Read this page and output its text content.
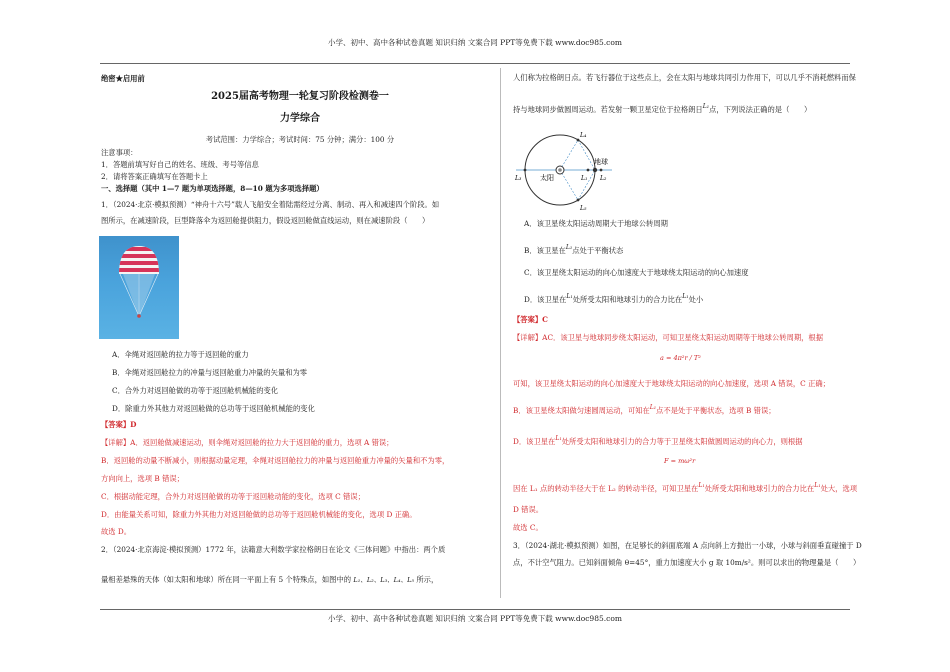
小学、初中、高中各种试卷真题 知识归纳 文案合同 PPT等免费下载 www.doc985.com
小学、初中、高中各种试卷真题 知识归纳 文案合同 PPT等免费下载 www.doc985.com
绝密★启用前
2025届高考物理一轮复习阶段检测卷一
力学综合
考试范围：力学综合；考试时间：75 分钟；满分：100 分
注意事项：
1．答题前填写好自己的姓名、班级、考号等信息
2．请将答案正确填写在答题卡上
一、选择题（其中 1—7 题为单项选择题，8—10 题为多项选择题）
1．（2024·北京·模拟预测）“神舟十六号”载人飞船安全着陆需经过分离、制动、再入和减速四个阶段。如
图所示，在减速阶段，巨型降落伞为返回舱提供阻力，假设返回舱做直线运动，则在减速阶段（　　）
A．伞绳对返回舱的拉力等于返回舱的重力
B．伞绳对返回舱拉力的冲量与返回舱重力冲量的矢量和为零
C．合外力对返回舱做的功等于返回舱机械能的变化
D．除重力外其他力对返回舱做的总功等于返回舱机械能的变化
【答案】D
【详解】A．返回舱做减速运动，则伞绳对返回舱的拉力大于返回舱的重力，选项 A 错误；
B．返回舱的动量不断减小，则根据动量定理，伞绳对返回舱拉力的冲量与返回舱重力冲量的矢量和不为零，
方向向上，选项 B 错误；
C．根据动能定理，合外力对返回舱做的功等于返回舱动能的变化，选项 C 错误；
D．由能量关系可知，除重力外其他力对返回舱做的总功等于返回舱机械能的变化，选项 D 正确。
故选 D。
2．（2024·北京海淀·模拟预测）1772 年，法籍意大利数学家拉格朗日在论文《三体问题》中指出：两个质
量相差悬殊的天体（如太阳和地球）所在同一平面上有 5 个特殊点，如图中的 L₁、L₂、L₃、L₄、L₅ 所示，
人们称为拉格朗日点。若飞行器位于这些点上，会在太阳与地球共同引力作用下，可以几乎不消耗燃料而保
持与地球同步做圆周运动。若发射一颗卫星定位于拉格朗日$^{L_1}$点，下列说法正确的是（　　）
L₄
L₅
L₃	L₁ L₂
太阳
地球
A．该卫星绕太阳运动周期大于地球公转周期
B．该卫星在$^{L_1}$点处于平衡状态
C．该卫星绕太阳运动的向心加速度大于地球绕太阳运动的向心加速度
D．该卫星在$^{L_1}$处所受太阳和地球引力的合力比在$^{L_1}$处小
【答案】C
【详解】AC．该卫星与地球同步绕太阳运动，可知卫星绕太阳运动周期等于地球公转周期，根据
a = 4π²r / T²
可知，该卫星绕太阳运动的向心加速度大于地球绕太阳运动的向心加速度，选项 A 错误，C 正确；
B．该卫星绕太阳做匀速圆周运动，可知在$^{L_1}$点不是处于平衡状态，选项 B 错误；
D．该卫星在$^{L_1}$处所受太阳和地球引力的合力等于卫星绕太阳做圆周运动的向心力，则根据
F = mω²r
因在 L₁ 点的转动半径大于在 L₂ 的转动半径，可知卫星在$^{L_1}$处所受太阳和地球引力的合力比在$^{L_1}$处大，选项
D 错误。
故选 C。
3．（2024·湖北·模拟预测）如图，在足够长的斜面底端 A 点向斜上方抛出一小球，小球与斜面垂直碰撞于 D
点，不计空气阻力。已知斜面倾角 θ=45°，重力加速度大小 g 取 10m/s²。则可以求出的物理量是（　　）
